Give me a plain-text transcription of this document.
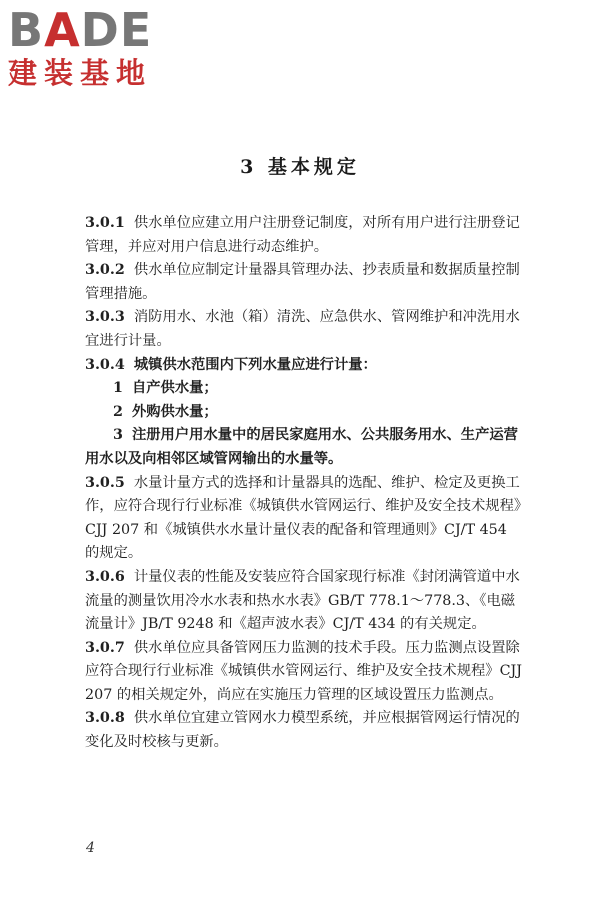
BADE
建装基地
3 基本规定

3.0.1 供水单位应建立用户注册登记制度，对所有用户进行注册登记管理，并应对用户信息进行动态维护。

3.0.2 供水单位应制定计量器具管理办法、抄表质量和数据质量控制管理措施。

3.0.3 消防用水、水池（箱）清洗、应急供水、管网维护和冲洗用水宜进行计量。

3.0.4 城镇供水范围内下列水量应进行计量：

1 自产供水量；

2 外购供水量；

3 注册用户用水量中的居民家庭用水、公共服务用水、生产运营用水以及向相邻区域管网输出的水量等。

3.0.5 水量计量方式的选择和计量器具的选配、维护、检定及更换工作，应符合现行行业标准《城镇供水管网运行、维护及安全技术规程》CJJ 207 和《城镇供水水量计量仪表的配备和管理通则》CJ/T 454 的规定。

3.0.6 计量仪表的性能及安装应符合国家现行标准《封闭满管道中水流量的测量饮用冷水水表和热水水表》GB/T 778.1～778.3、《电磁流量计》JB/T 9248 和《超声波水表》CJ/T 434 的有关规定。

3.0.7 供水单位应具备管网压力监测的技术手段。压力监测点设置除应符合现行行业标准《城镇供水管网运行、维护及安全技术规程》CJJ 207 的相关规定外，尚应在实施压力管理的区域设置压力监测点。

3.0.8 供水单位宜建立管网水力模型系统，并应根据管网运行情况的变化及时校核与更新。

4
